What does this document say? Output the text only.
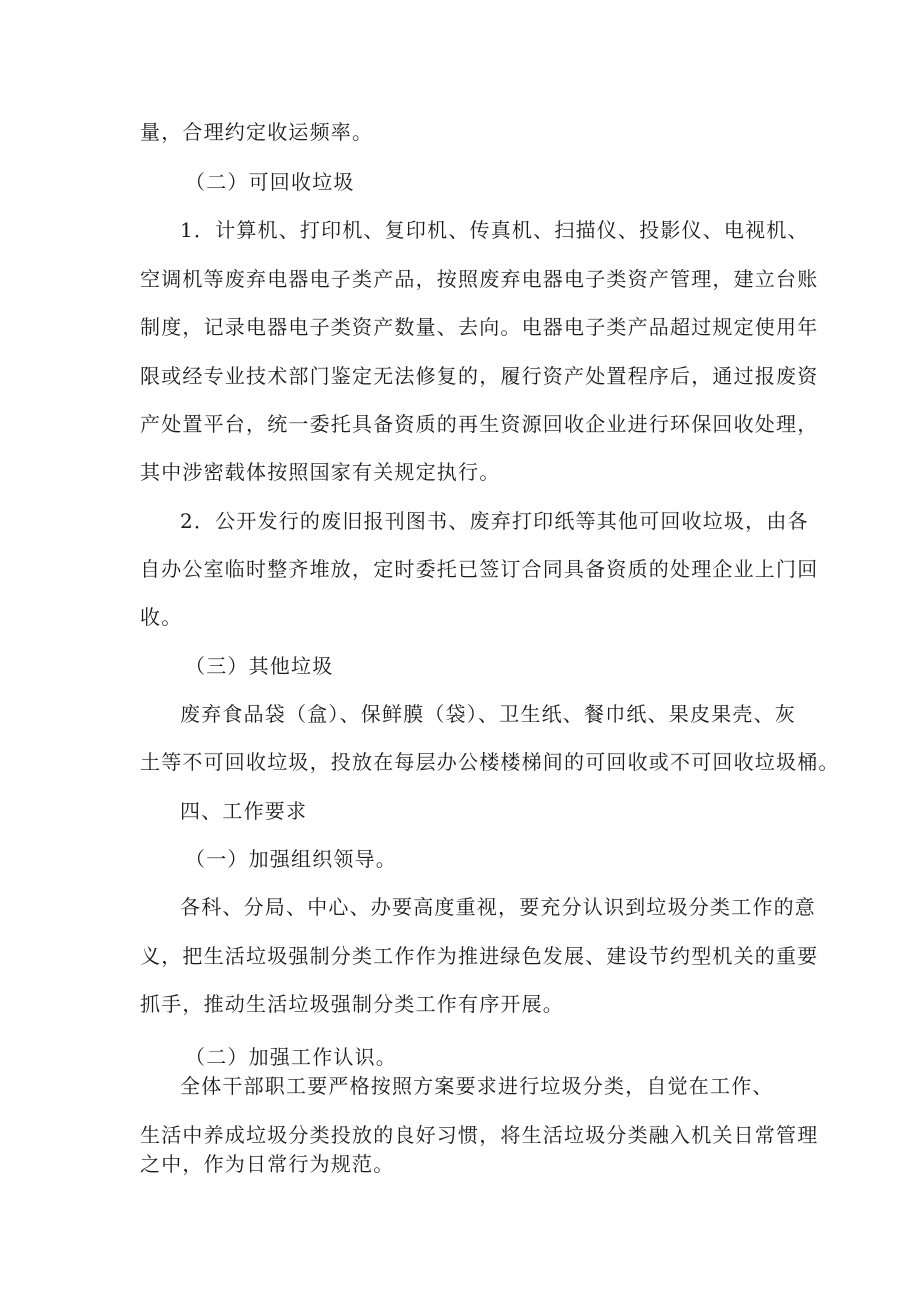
量，合理约定收运频率。

（二）可回收垃圾

1．计算机、打印机、复印机、传真机、扫描仪、投影仪、电视机、

空调机等废弃电器电子类产品，按照废弃电器电子类资产管理，建立台账

制度，记录电器电子类资产数量、去向。电器电子类产品超过规定使用年

限或经专业技术部门鉴定无法修复的，履行资产处置程序后，通过报废资

产处置平台，统一委托具备资质的再生资源回收企业进行环保回收处理，

其中涉密载体按照国家有关规定执行。

2．公开发行的废旧报刊图书、废弃打印纸等其他可回收垃圾，由各

自办公室临时整齐堆放，定时委托已签订合同具备资质的处理企业上门回

收。

（三）其他垃圾

废弃食品袋（盒）、保鲜膜（袋）、卫生纸、餐巾纸、果皮果壳、灰

土等不可回收垃圾，投放在每层办公楼楼梯间的可回收或不可回收垃圾桶。

四、工作要求

（一）加强组织领导。

各科、分局、中心、办要高度重视，要充分认识到垃圾分类工作的意

义，把生活垃圾强制分类工作作为推进绿色发展、建设节约型机关的重要

抓手，推动生活垃圾强制分类工作有序开展。

（二）加强工作认识。

全体干部职工要严格按照方案要求进行垃圾分类，自觉在工作、

生活中养成垃圾分类投放的良好习惯，将生活垃圾分类融入机关日常管理

之中，作为日常行为规范。
